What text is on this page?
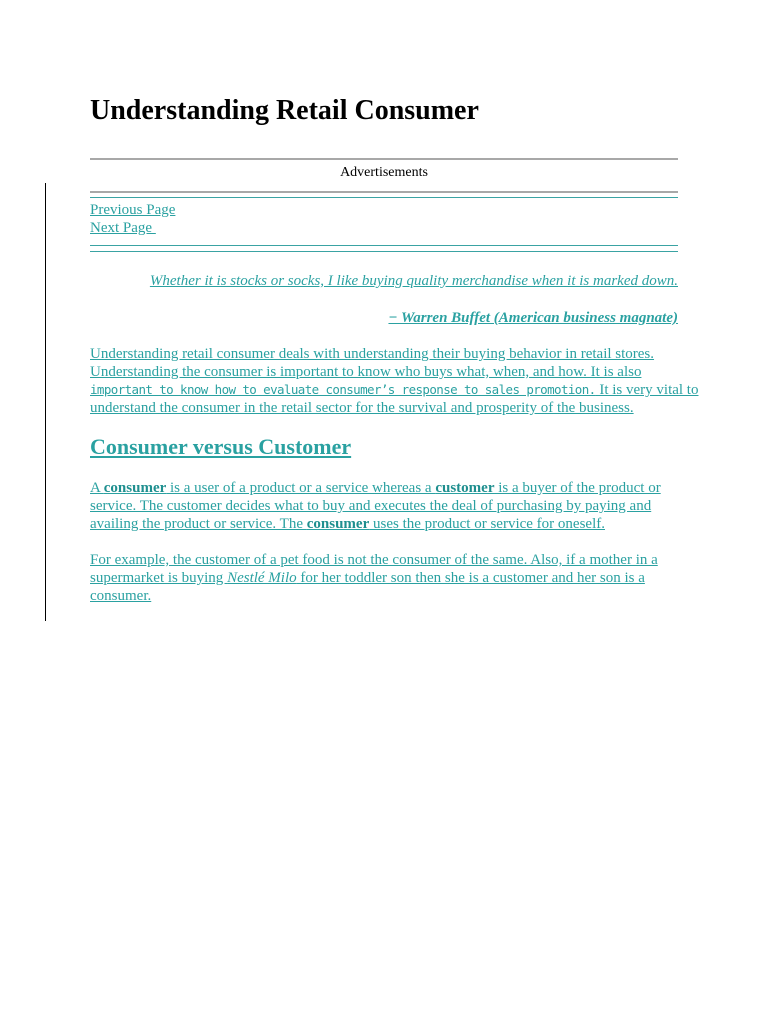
Understanding Retail Consumer
Advertisements
Previous Page
Next Page
Whether it is stocks or socks, I like buying quality merchandise when it is marked down.
− Warren Buffet (American business magnate)
Understanding retail consumer deals with understanding their buying behavior in retail stores.
Understanding the consumer is important to know who buys what, when, and how. It is also
important to know how to evaluate consumer’s response to sales promotion. It is very vital to
understand the consumer in the retail sector for the survival and prosperity of the business.
Consumer versus Customer
A consumer is a user of a product or a service whereas a customer is a buyer of the product or
service. The customer decides what to buy and executes the deal of purchasing by paying and
availing the product or service. The consumer uses the product or service for oneself.
For example, the customer of a pet food is not the consumer of the same. Also, if a mother in a
supermarket is buying Nestlé Milo for her toddler son then she is a customer and her son is a
consumer.
